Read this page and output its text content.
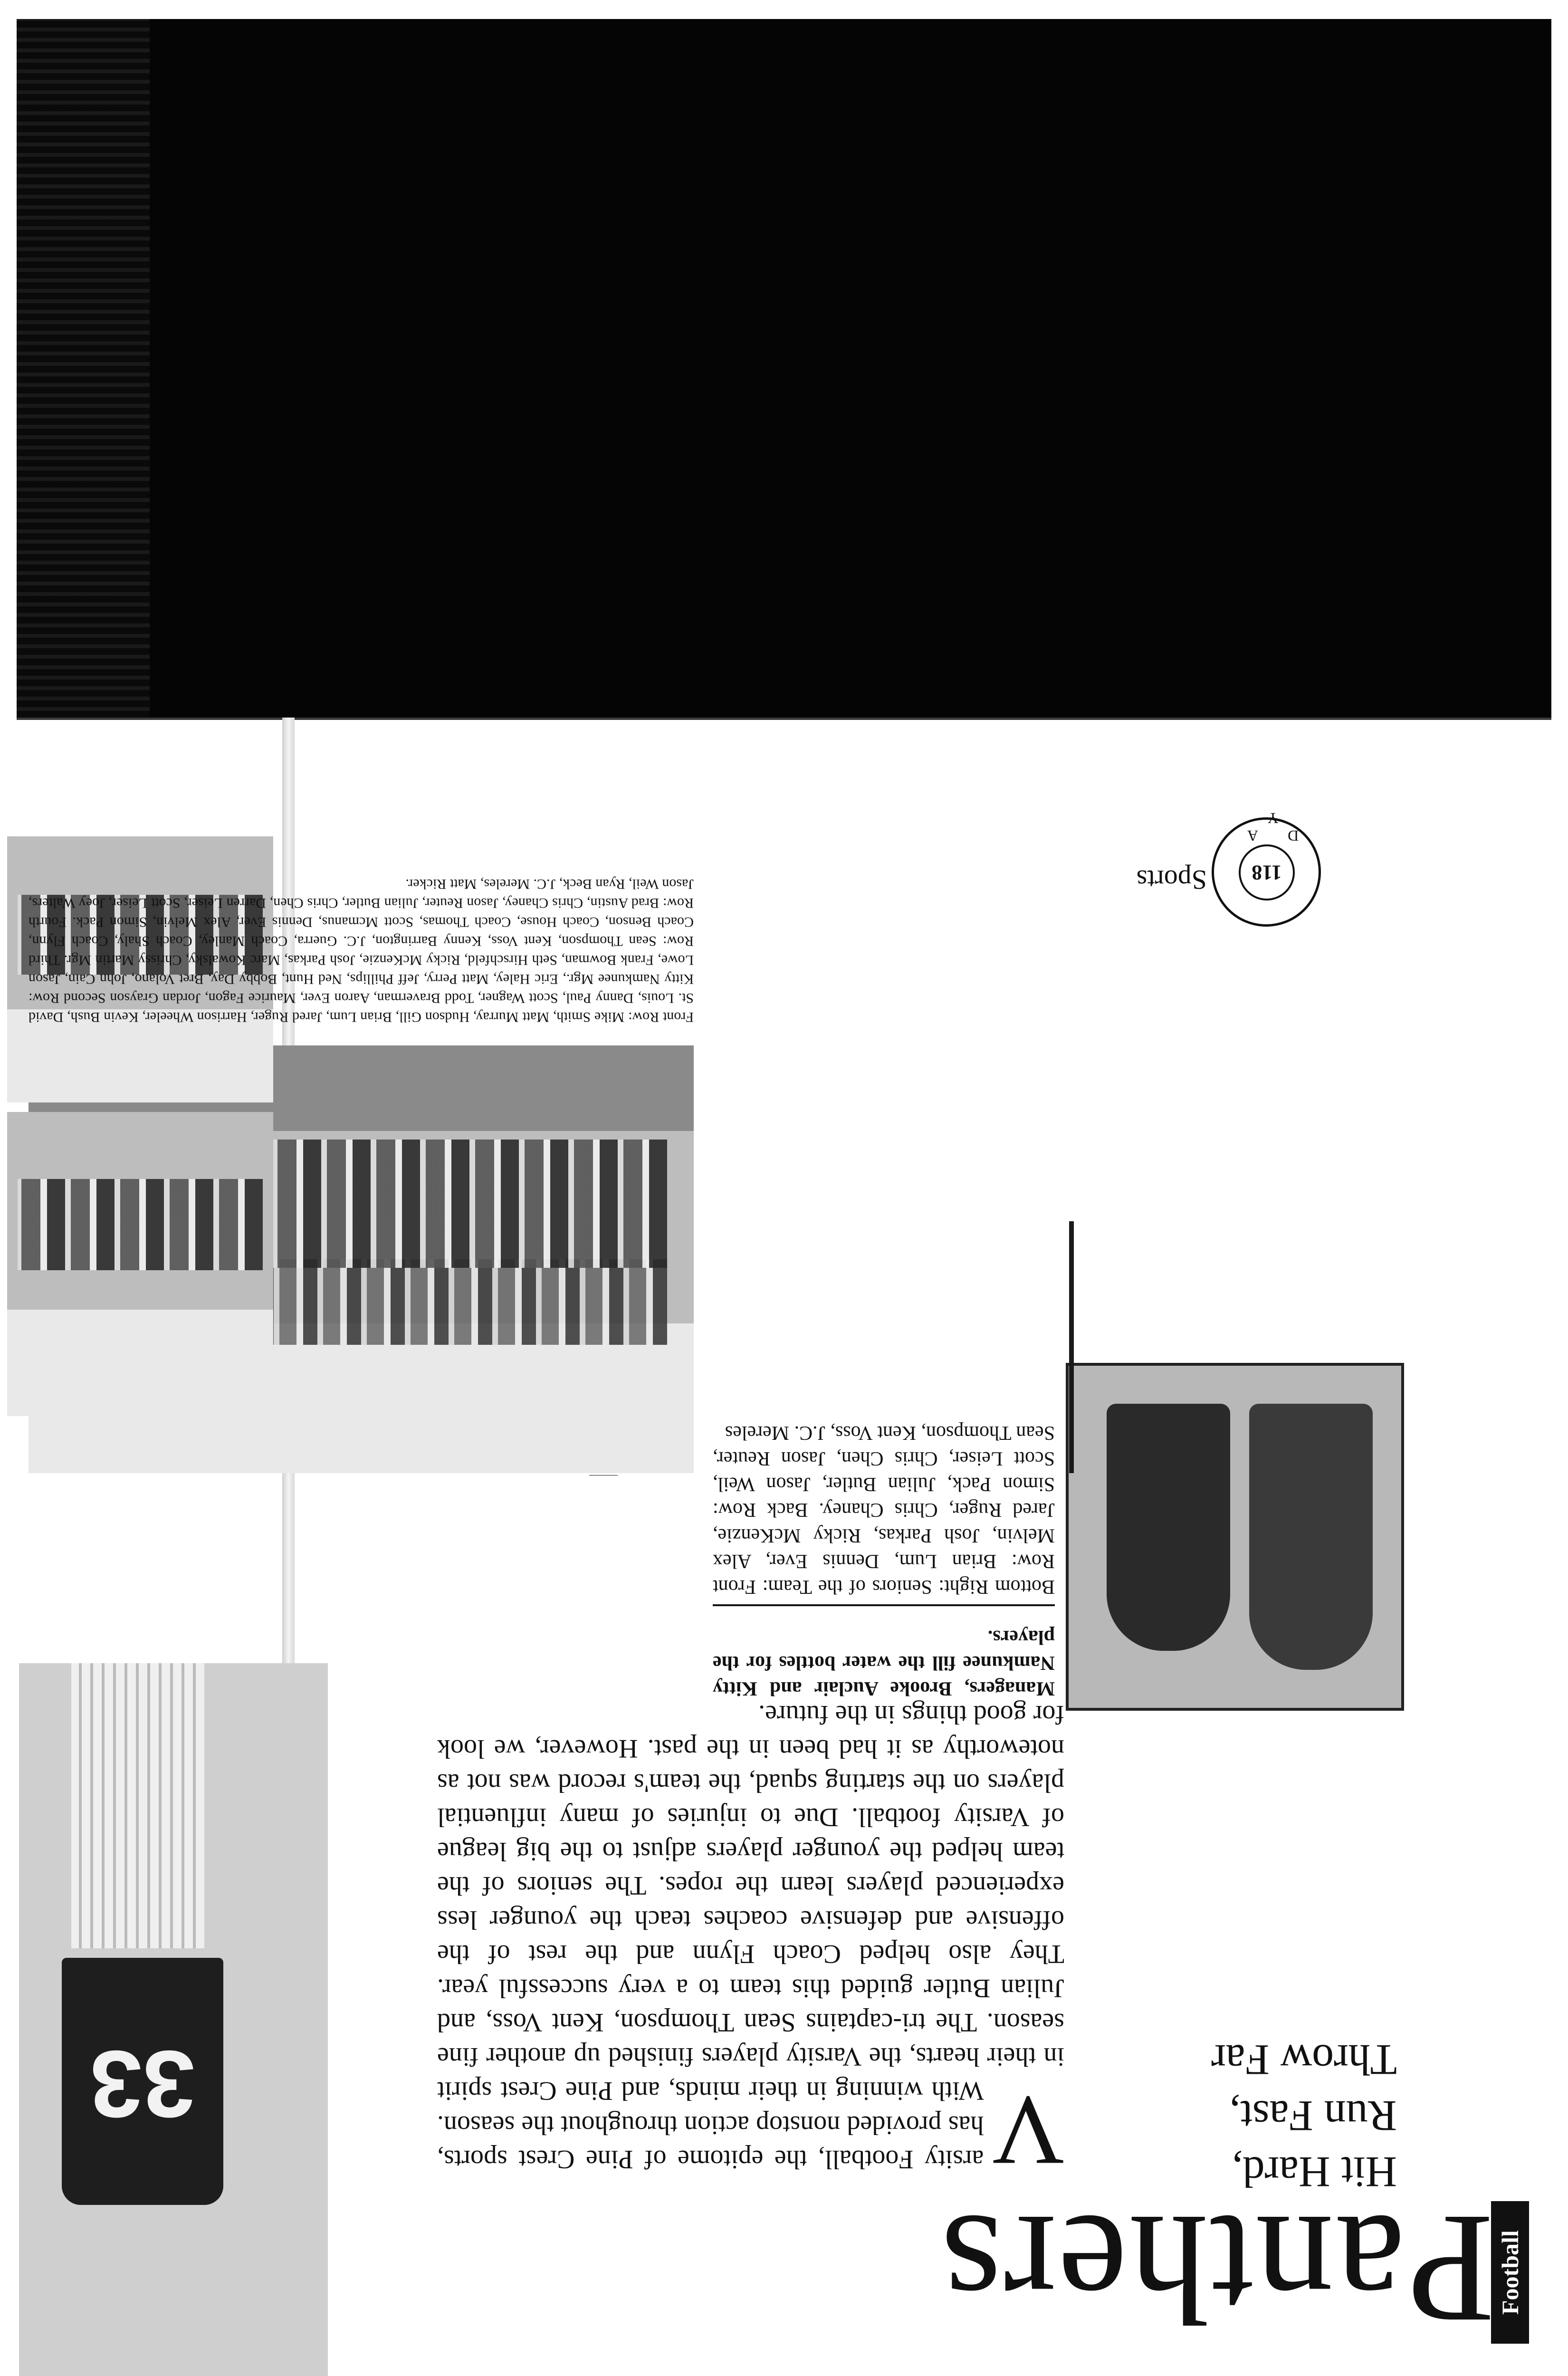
Football
Panthers
Hit Hard,
Run Fast,
Throw Far
V
arsity Football, the epitome of Pine Crest sports, has provided nonstop action throughout the season. With winning in their minds, and Pine Crest spirit in their hearts, the Varsity players finished up another fine season. The tri-captains Sean Thompson, Kent Voss, and Julian Butler guided this team to a very successful year. They also helped Coach Flynn and the rest of the offensive and defensive coaches teach the younger less experienced players learn the ropes. The seniors of the team helped the younger players adjust to the big league of Varsity football. Due to injuries of many influential players on the starting squad, the team's record was not as noteworthy as it had been in the past. However, we look for good things in the future.
33
Managers, Brooke Auclair and Kitty Namkunee fill the water bottles for the players.
Bottom Right: Seniors of the Team: Front Row: Brian Lum, Dennis Ever, Alex Melvin, Josh Parkas, Ricky McKenzie, Jared Ruger, Chris Chaney. Back Row: Simon Pack, Julian Butler, Jason Weil, Scott Leiser, Chris Chen, Jason Reuter, Sean Thompson, Kent Voss, J.C. Mereles
Front Row: Mike Smith, Matt Murray, Hudson Gill, Brian Lum, Jared Ruger, Harrison Wheeler, Kevin Bush, David St. Louis, Danny Paul, Scott Wagner, Todd Braverman, Aaron Ever, Maurice Fagon, Jordan Grayson Second Row: Kitty Namkunee Mgr., Eric Haley, Matt Perry, Jeff Phillips, Ned Hunt, Bobby Day, Bret Volano, John Cain, Jason Lowe, Frank Bowman, Seth Hirschfeld, Ricky McKenzie, Josh Parkas, Marc Kowalsky, Chrissy Martin Mgr. Third Row: Sean Thompson, Kent Voss, Kenny Barrington, J.C. Guerra, Coach Manley, Coach Shaly, Coach Flynn, Coach Benson, Coach House, Coach Thomas, Scott Mcmanus, Dennis Ever, Alex Melvin, Simon Pack. Fourth Row: Brad Austin, Chris Chaney, Jason Reuter, Julian Butler, Chris Chen, Darren Leiser, Scott Leiser, Joey Walters, Jason Weil, Ryan Beck, J.C. Mereles, Matt Ricker.	118
D A Y
Sports
